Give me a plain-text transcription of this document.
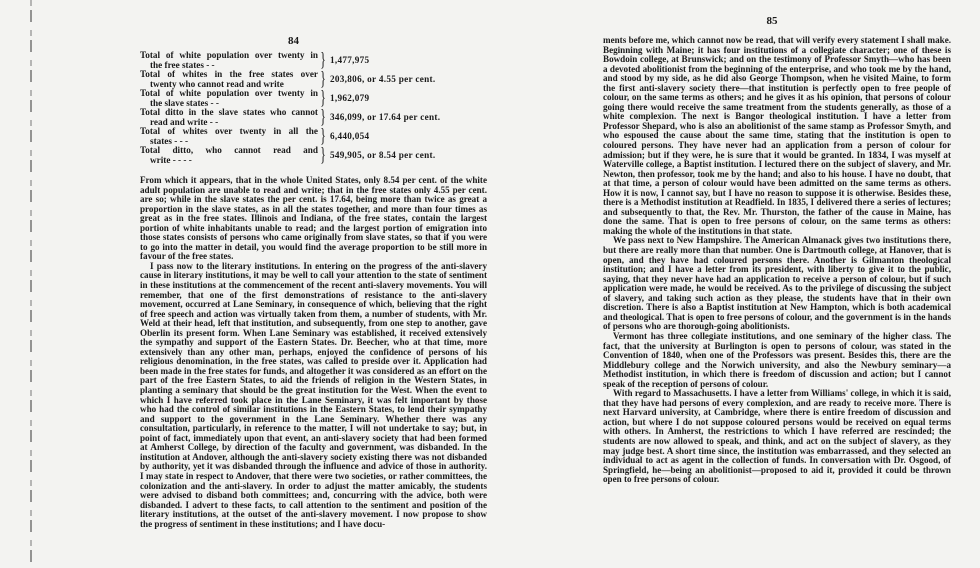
84
Total of white population over twenty in
the free states - -	} 1,477,975
Total of whites in the free states over
twenty who cannot read and write	} 203,806, or 4.55 per cent.
Total of white population over twenty in
the slave states - -	} 1,962,079
Total ditto in the slave states who cannot
read and write - -	} 346,099, or 17.64 per cent.
Total of whites over twenty in all the
states - - -	} 6,440,054
Total ditto, who cannot read and
write - - - -	} 549,905, or 8.54 per cent.

From which it appears, that in the whole United States, only 8.54 per cent. of the white adult population are unable to read and write; that in the free states only 4.55 per cent. are so; while in the slave states the per cent. is 17.64, being more than twice as great a proportion in the slave states, as in all the states together, and more than four times as great as in the free states. Illinois and Indiana, of the free states, contain the largest portion of white inhabitants unable to read; and the largest portion of emigration into those states consists of persons who came originally from slave states, so that if you were to go into the matter in detail, you would find the average proportion to be still more in favour of the free states.

I pass now to the literary institutions. In entering on the progress of the anti-slavery cause in literary institutions, it may be well to call your attention to the state of sentiment in these institutions at the commencement of the recent anti-slavery movements. You will remember, that one of the first demonstrations of resistance to the anti-slavery movement, occurred at Lane Seminary, in consequence of which, believing that the right of free speech and action was virtually taken from them, a number of students, with Mr. Weld at their head, left that institution, and subsequently, from one step to another, gave Oberlin its present form. When Lane Seminary was established, it received extensively the sympathy and support of the Eastern States. Dr. Beecher, who at that time, more extensively than any other man, perhaps, enjoyed the confidence of persons of his religious denomination, in the free states, was called to preside over it. Application had been made in the free states for funds, and altogether it was considered as an effort on the part of the free Eastern States, to aid the friends of religion in the Western States, in planting a seminary that should be the great institution for the West. When the event to which I have referred took place in the Lane Seminary, it was felt important by those who had the control of similar institutions in the Eastern States, to lend their sympathy and support to the government in the Lane Seminary. Whether there was any consultation, particularly, in reference to the matter, I will not undertake to say; but, in point of fact, immediately upon that event, an anti-slavery society that had been formed at Amherst College, by direction of the faculty and government, was disbanded. In the institution at Andover, although the anti-slavery society existing there was not disbanded by authority, yet it was disbanded through the influence and advice of those in authority. I may state in respect to Andover, that there were two societies, or rather committees, the colonization and the anti-slavery. In order to adjust the matter amicably, the students were advised to disband both committees; and, concurring with the advice, both were disbanded. I advert to these facts, to call attention to the sentiment and position of the literary institutions, at the outset of the anti-slavery movement. I now propose to show the progress of sentiment in these institutions; and I have docu-

85

ments before me, which cannot now be read, that will verify every statement I shall make. Beginning with Maine; it has four institutions of a collegiate character; one of these is Bowdoin college, at Brunswick; and on the testimony of Professor Smyth—who has been a devoted abolitionist from the beginning of the enterprise, and who took me by the hand, and stood by my side, as he did also George Thompson, when he visited Maine, to form the first anti-slavery society there—that institution is perfectly open to free people of colour, on the same terms as others; and he gives it as his opinion, that persons of colour going there would receive the same treatment from the students generally, as those of a white complexion. The next is Bangor theological institution. I have a letter from Professor Shepard, who is also an abolitionist of the same stamp as Professor Smyth, and who espoused the cause about the same time, stating that the institution is open to coloured persons. They have never had an application from a person of colour for admission; but if they were, he is sure that it would be granted. In 1834, I was myself at Waterville college, a Baptist institution. I lectured there on the subject of slavery, and Mr. Newton, then professor, took me by the hand; and also to his house. I have no doubt, that at that time, a person of colour would have been admitted on the same terms as others. How it is now, I cannot say, but I have no reason to suppose it is otherwise. Besides these, there is a Methodist institution at Readfield. In 1835, I delivered there a series of lectures; and subsequently to that, the Rev. Mr. Thurston, the father of the cause in Maine, has done the same. That is open to free persons of colour, on the same terms as others: making the whole of the institutions in that state.

We pass next to New Hampshire. The American Almanack gives two institutions there, but there are really more than that number. One is Dartmouth college, at Hanover, that is open, and they have had coloured persons there. Another is Gilmanton theological institution; and I have a letter from its president, with liberty to give it to the public, saying, that they never have had an application to receive a person of colour, but if such application were made, he would be received. As to the privilege of discussing the subject of slavery, and taking such action as they please, the students have that in their own discretion. There is also a Baptist institution at New Hampton, which is both academical and theological. That is open to free persons of colour, and the government is in the hands of persons who are thorough-going abolitionists.

Vermont has three collegiate institutions, and one seminary of the higher class. The fact, that the university at Burlington is open to persons of colour, was stated in the Convention of 1840, when one of the Professors was present. Besides this, there are the Middlebury college and the Norwich university, and also the Newbury seminary—a Methodist institution, in which there is freedom of discussion and action; but I cannot speak of the reception of persons of colour.

With regard to Massachusetts. I have a letter from Williams' college, in which it is said, that they have had persons of every complexion, and are ready to receive more. There is next Harvard university, at Cambridge, where there is entire freedom of discussion and action, but where I do not suppose coloured persons would be received on equal terms with others. In Amherst, the restrictions to which I have referred are rescinded; the students are now allowed to speak, and think, and act on the subject of slavery, as they may judge best. A short time since, the institution was embarrassed, and they selected an individual to act as agent in the collection of funds. In conversation with Dr. Osgood, of Springfield, he—being an abolitionist—proposed to aid it, provided it could be thrown open to free persons of colour.
